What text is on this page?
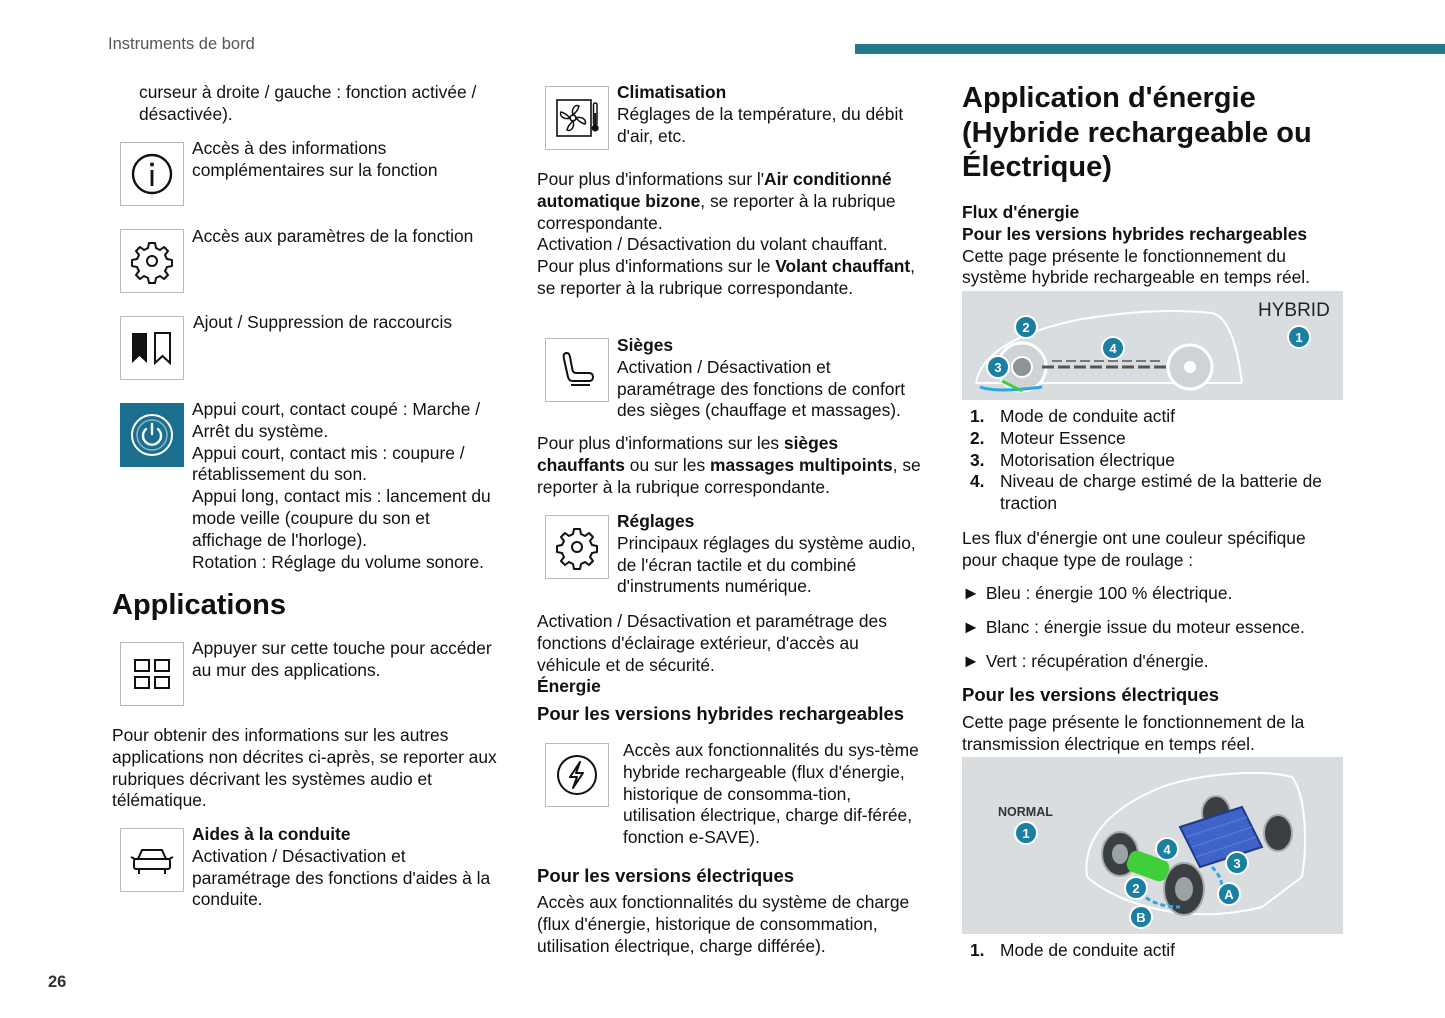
Instruments de bord
26
curseur à droite / gauche : fonction activée / désactivée).
Accès à des informations complémentaires sur la fonction
Accès aux paramètres de la fonction
Ajout / Suppression de raccourcis
Appui court, contact coupé : Marche / Arrêt du système.
Appui court, contact mis : coupure / rétablissement du son.
Appui long, contact mis : lancement du mode veille (coupure du son et affichage de l'horloge).
Rotation : Réglage du volume sonore.
Applications
Appuyer sur cette touche pour accéder au mur des applications.
Pour obtenir des informations sur les autres applications non décrites ci-après, se reporter aux rubriques décrivant les systèmes audio et télématique.
Aides à la conduite
Activation / Désactivation et paramétrage des fonctions d'aides à la conduite.
Climatisation
Réglages de la température, du débit d'air, etc.
Pour plus d'informations sur l'Air conditionné automatique bizone, se reporter à la rubrique correspondante.
Activation / Désactivation du volant chauffant.
Pour plus d'informations sur le Volant chauffant, se reporter à la rubrique correspondante.
Sièges
Activation / Désactivation et paramétrage des fonctions de confort des sièges (chauffage et massages).
Pour plus d'informations sur les sièges chauffants ou sur les massages multipoints, se reporter à la rubrique correspondante.
Réglages
Principaux réglages du système audio, de l'écran tactile et du combiné d'instruments numérique.
Activation / Désactivation et paramétrage des fonctions d'éclairage extérieur, d'accès au véhicule et de sécurité.
Énergie
Pour les versions hybrides rechargeables
Accès aux fonctionnalités du sys-tème hybride rechargeable (flux d'énergie, historique de consomma-tion, utilisation électrique, charge dif-férée, fonction e-SAVE).
Pour les versions électriques
Accès aux fonctionnalités du système de charge (flux d'énergie, historique de consommation, utilisation électrique, charge différée).
Application d'énergie (Hybride rechargeable ou Électrique)
Flux d'énergie
Pour les versions hybrides rechargeables
Cette page présente le fonctionnement du système hybride rechargeable en temps réel.
HYBRID
1
2
3
4
1. Mode de conduite actif
2. Moteur Essence
3. Motorisation électrique
4. Niveau de charge estimé de la batterie de traction
Les flux d'énergie ont une couleur spécifique pour chaque type de roulage :
► Bleu : énergie 100 % électrique.
► Blanc : énergie issue du moteur essence.
► Vert : récupération d'énergie.
Pour les versions électriques
Cette page présente le fonctionnement de la transmission électrique en temps réel.
NORMAL
1
2
3
4
A
B
1. Mode de conduite actif
